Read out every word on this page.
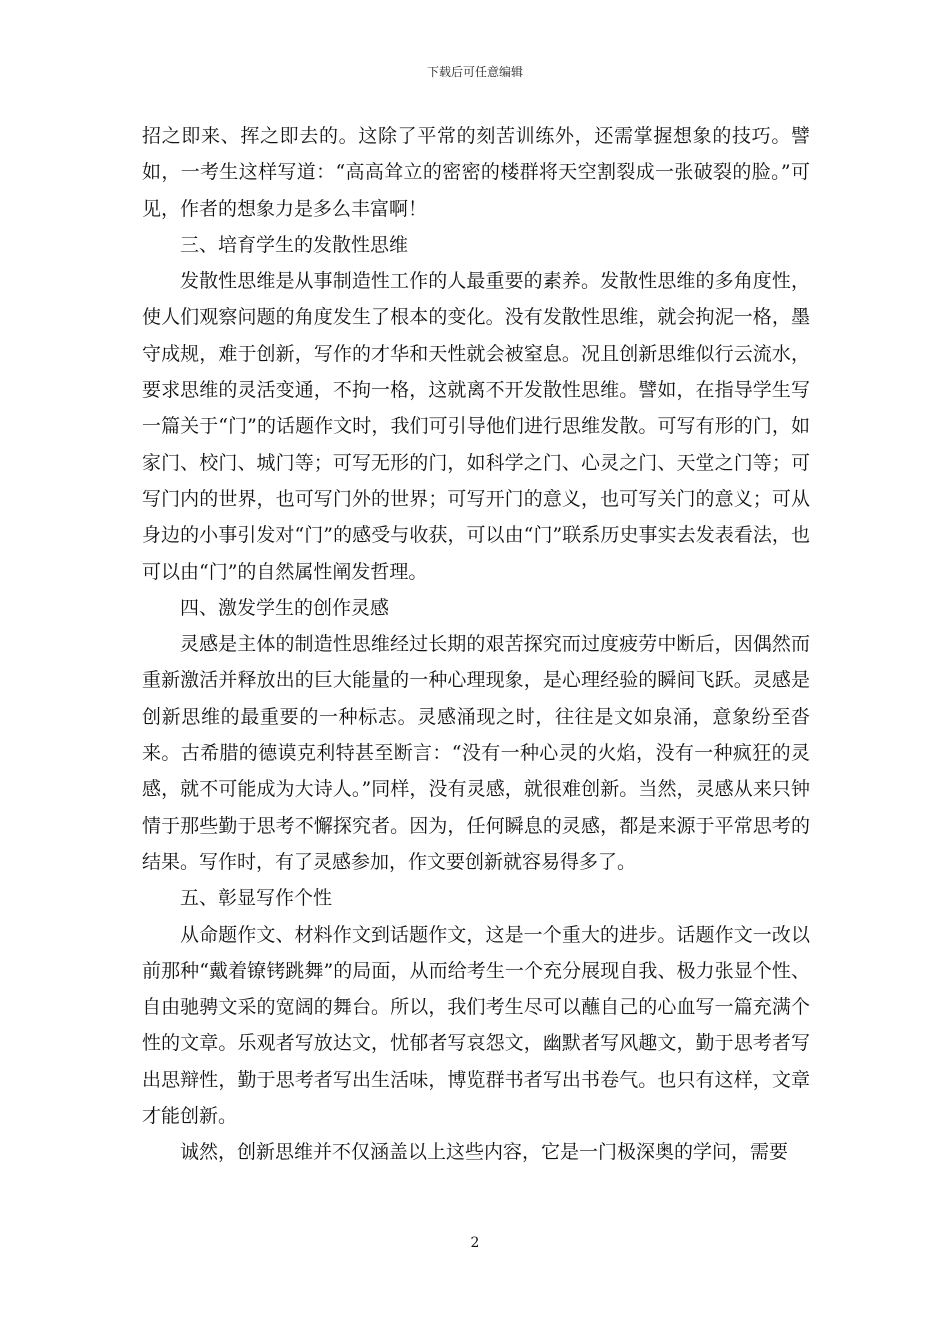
下载后可任意编辑

招之即来、挥之即去的。这除了平常的刻苦训练外，还需掌握想象的技巧。譬如，一考生这样写道：“高高耸立的密密的楼群将天空割裂成一张破裂的脸。”可见，作者的想象力是多么丰富啊！

三、培育学生的发散性思维

发散性思维是从事制造性工作的人最重要的素养。发散性思维的多角度性，使人们观察问题的角度发生了根本的变化。没有发散性思维，就会拘泥一格，墨守成规，难于创新，写作的才华和天性就会被窒息。况且创新思维似行云流水，要求思维的灵活变通，不拘一格，这就离不开发散性思维。譬如，在指导学生写一篇关于“门”的话题作文时，我们可引导他们进行思维发散。可写有形的门，如家门、校门、城门等；可写无形的门，如科学之门、心灵之门、天堂之门等；可写门内的世界，也可写门外的世界；可写开门的意义，也可写关门的意义；可从身边的小事引发对“门”的感受与收获，可以由“门”联系历史事实去发表看法，也可以由“门”的自然属性阐发哲理。

四、激发学生的创作灵感

灵感是主体的制造性思维经过长期的艰苦探究而过度疲劳中断后，因偶然而重新激活并释放出的巨大能量的一种心理现象，是心理经验的瞬间飞跃。灵感是创新思维的最重要的一种标志。灵感涌现之时，往往是文如泉涌，意象纷至沓来。古希腊的德谟克利特甚至断言：“没有一种心灵的火焰，没有一种疯狂的灵感，就不可能成为大诗人。”同样，没有灵感，就很难创新。当然，灵感从来只钟情于那些勤于思考不懈探究者。因为，任何瞬息的灵感，都是来源于平常思考的结果。写作时，有了灵感参加，作文要创新就容易得多了。

五、彰显写作个性

从命题作文、材料作文到话题作文，这是一个重大的进步。话题作文一改以前那种“戴着镣铐跳舞”的局面，从而给考生一个充分展现自我、极力张显个性、自由驰骋文采的宽阔的舞台。所以，我们考生尽可以蘸自己的心血写一篇充满个性的文章。乐观者写放达文，忧郁者写哀怨文，幽默者写风趣文，勤于思考者写出思辩性，勤于思考者写出生活味，博览群书者写出书卷气。也只有这样，文章才能创新。

诚然，创新思维并不仅涵盖以上这些内容，它是一门极深奥的学问，需要

2
